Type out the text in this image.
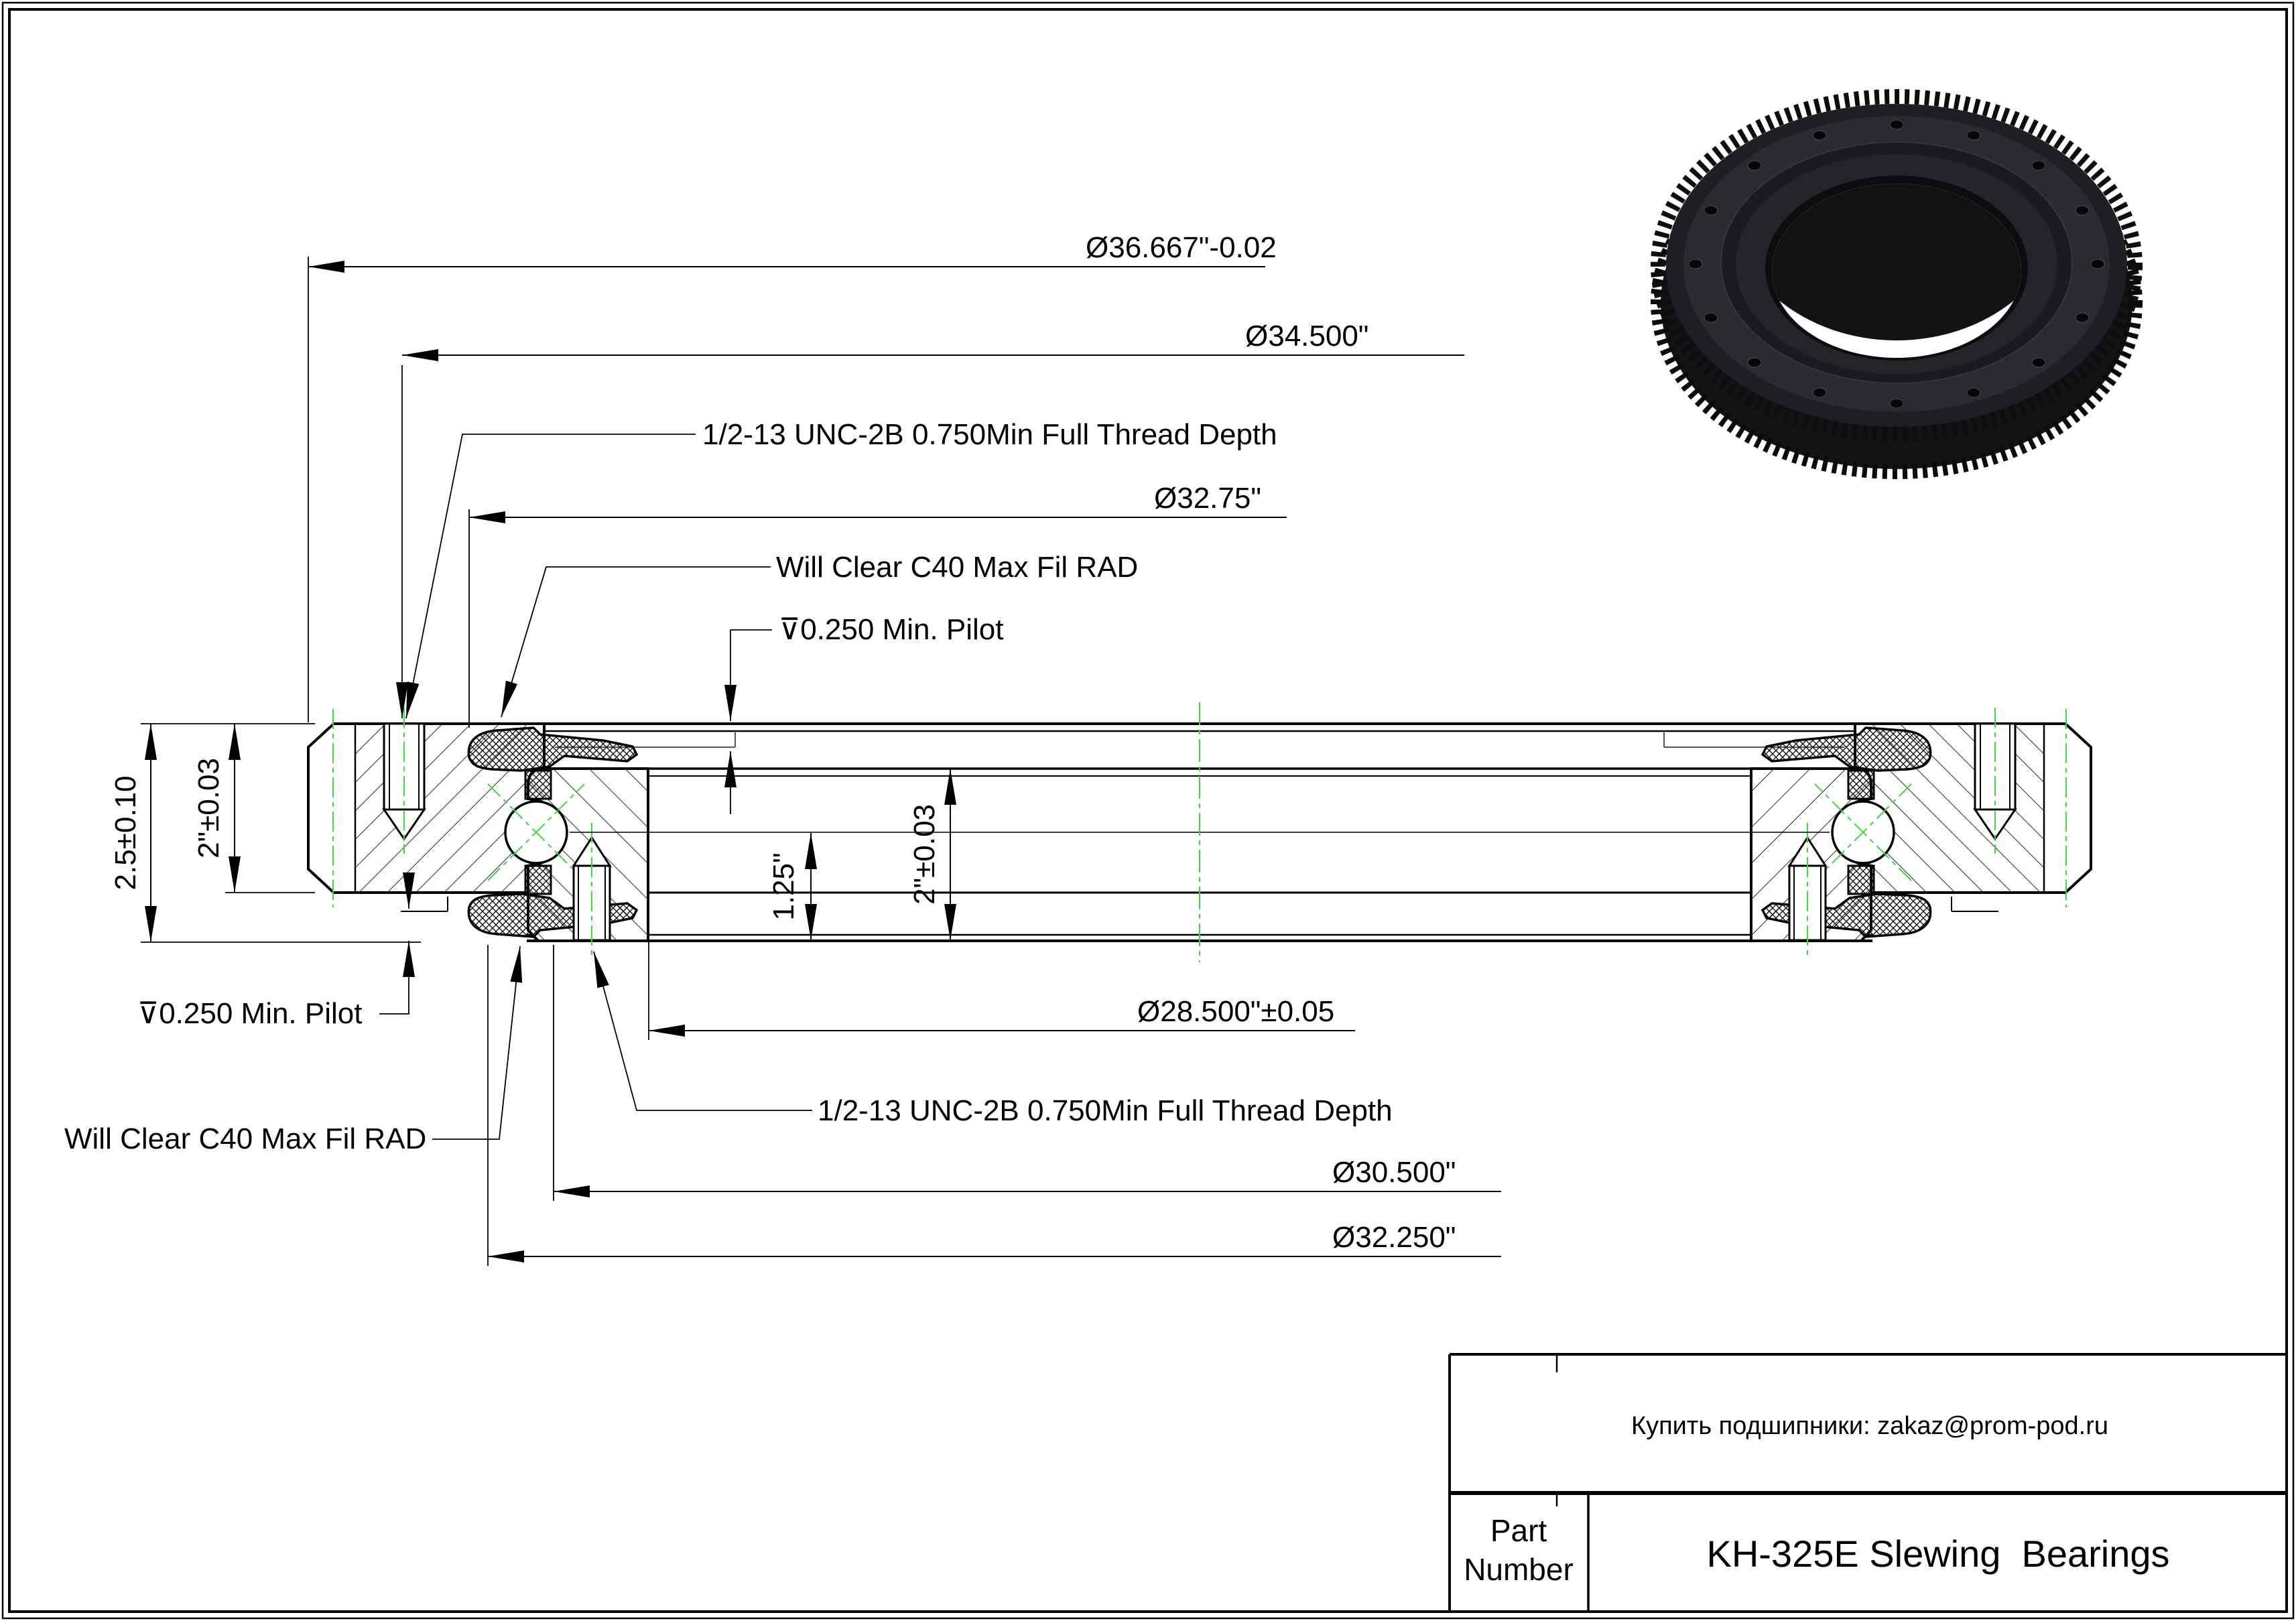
Ø36.667"-0.02
Ø34.500"
1/2-13 UNC-2B 0.750Min Full Thread Depth
Ø32.75"
Will Clear C40 Max Fil RAD
⊽0.250 Min. Pilot
2.5±0.10 2"±0.03
1.25"	2"±0.03
Ø28.500"±0.05
1/2-13 UNC-2B 0.750Min Full Thread Depth
⊽0.250 Min. Pilot
Will Clear C40 Max Fil RAD
Ø30.500"
Ø32.250"
Купить подшипники: zakaz@prom-pod.ru
Part
Number	KH-325E Slewing  Bearings
